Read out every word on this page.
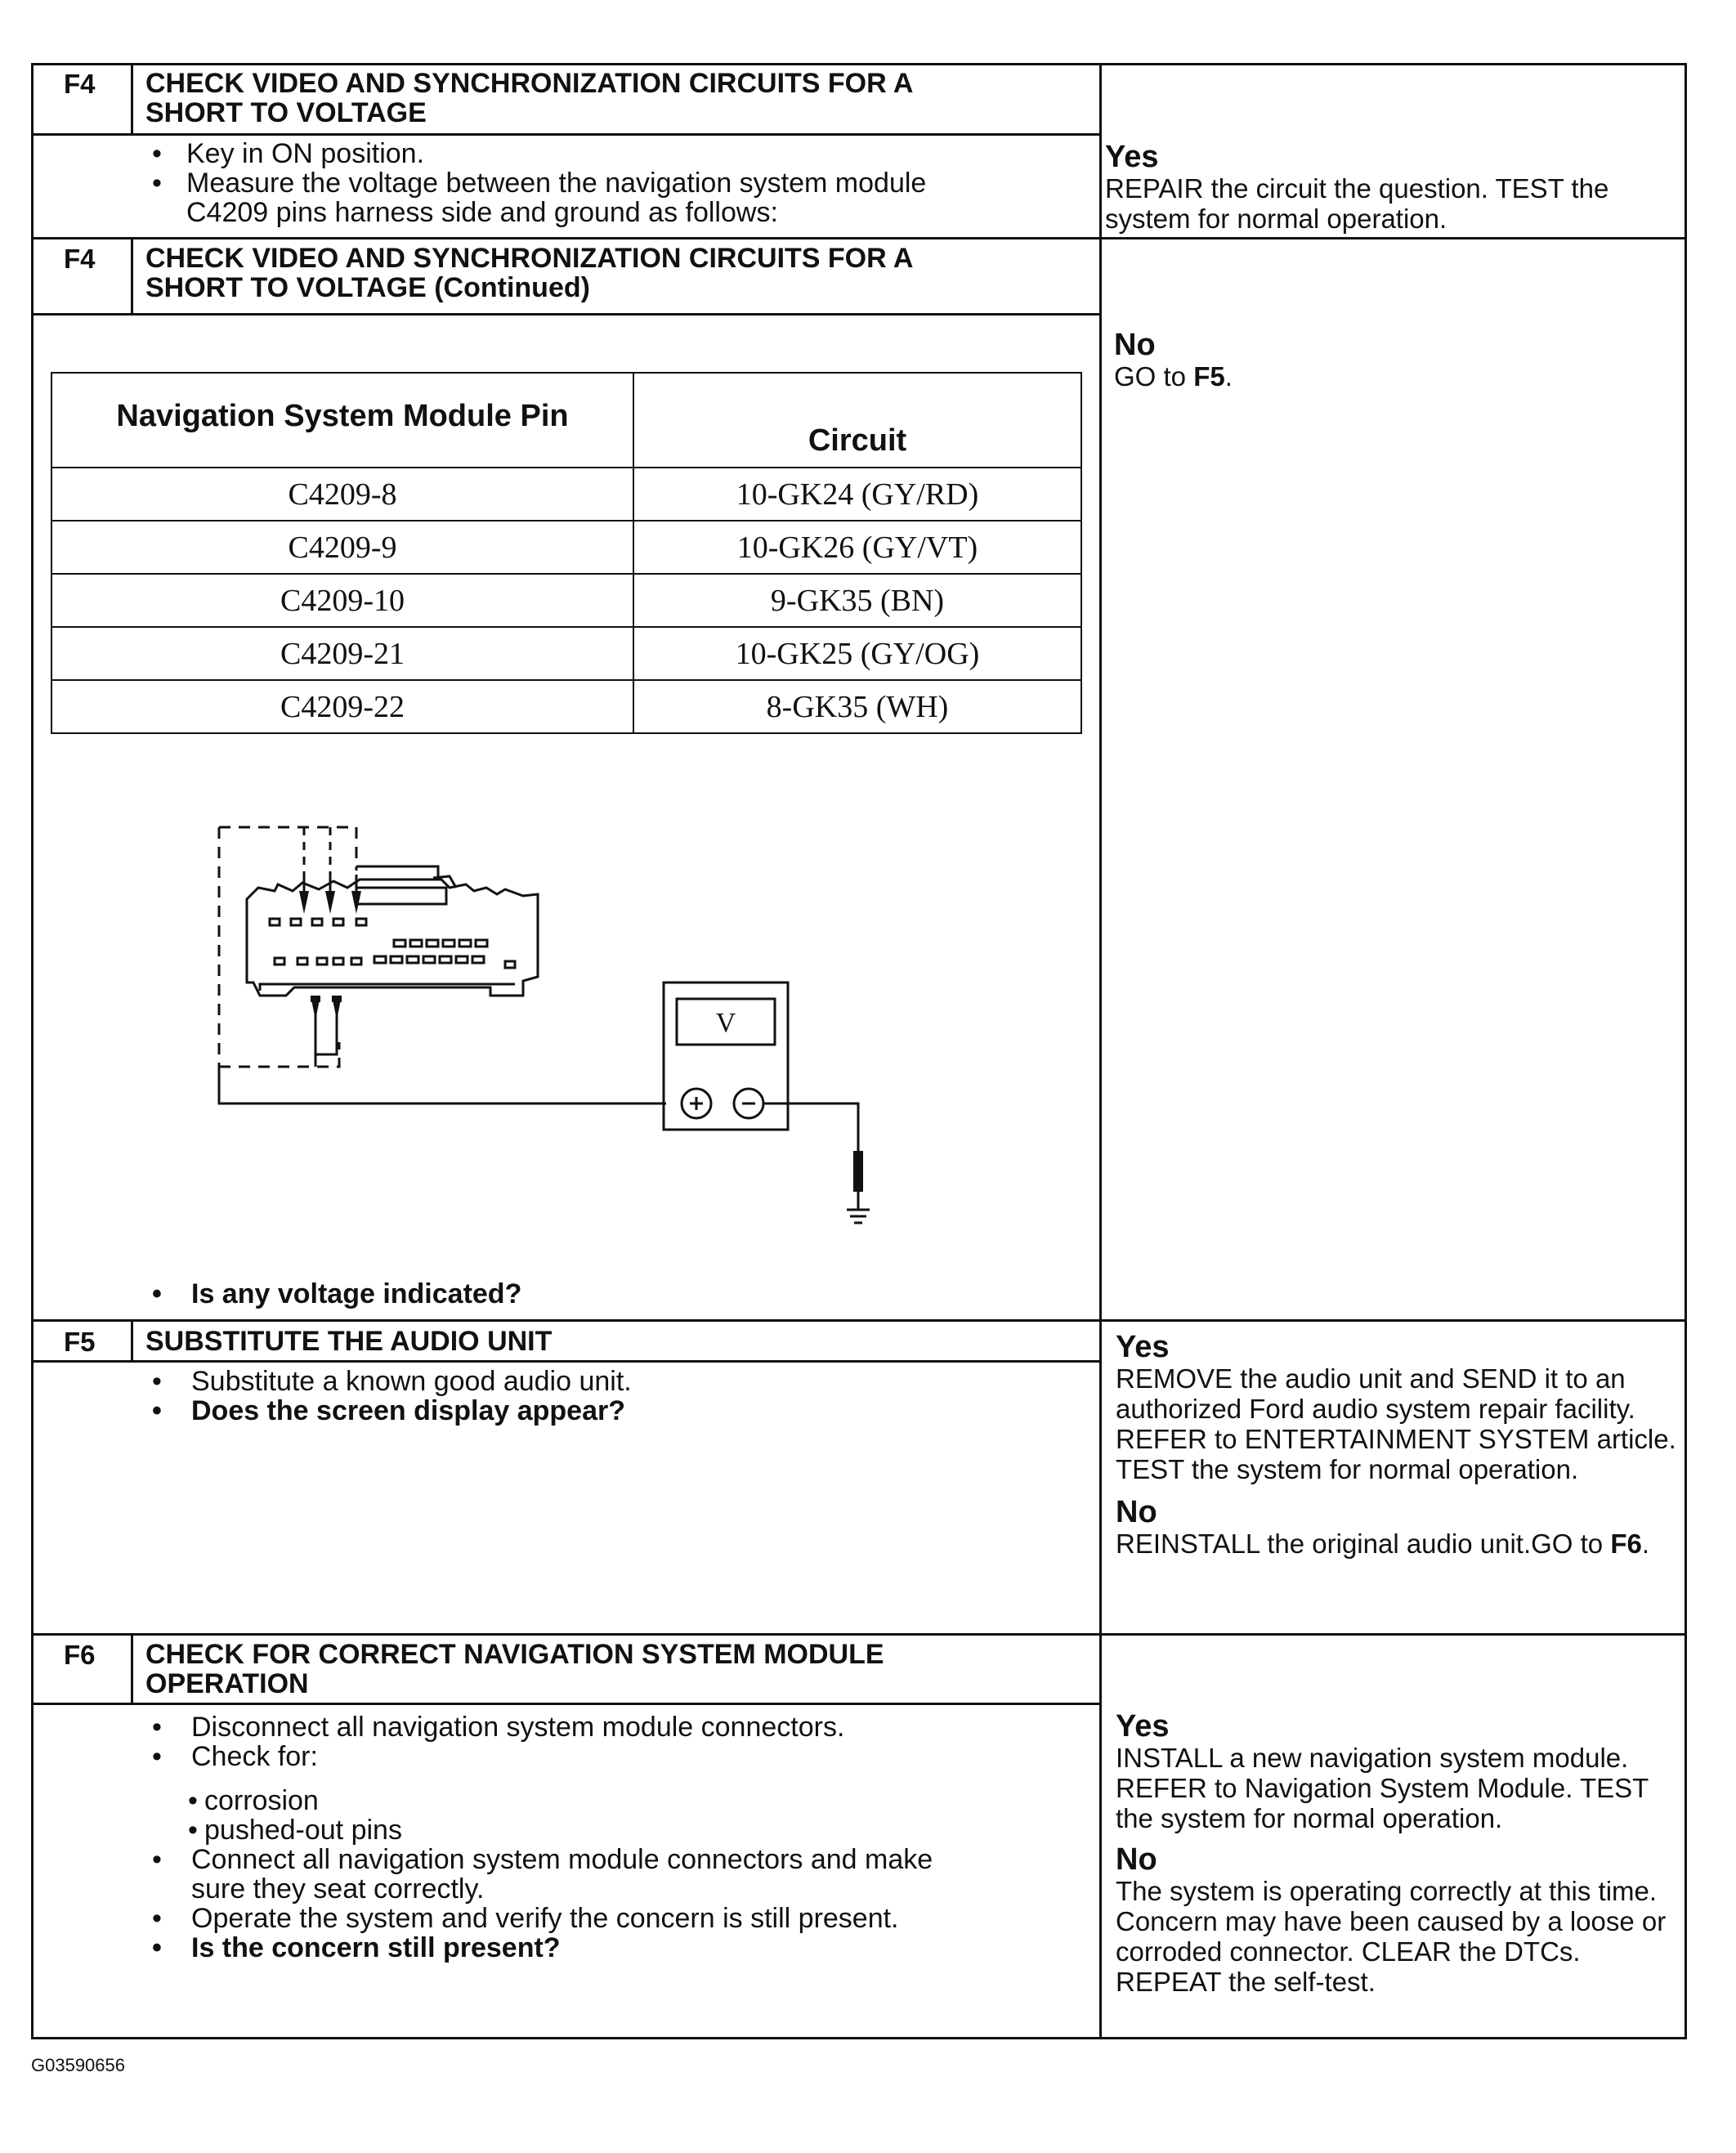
F4 CHECK VIDEO AND SYNCHRONIZATION CIRCUITS FOR A
SHORT TO VOLTAGE
• Key in ON position.
• Measure the voltage between the navigation system module
C4209 pins harness side and ground as follows:

Yes

REPAIR the circuit the question. TEST the system for normal operation.

F4 CHECK VIDEO AND SYNCHRONIZATION CIRCUITS FOR A
SHORT TO VOLTAGE (Continued)

No

GO to F5.

Navigation System Module Pin	Circuit
C4209-8	10-GK24 (GY/RD)
C4209-9	10-GK26 (GY/VT)
C4209-10	9-GK35 (BN)
C4209-21	10-GK25 (GY/OG)
C4209-22	8-GK35 (WH)
V
• Is any voltage indicated?
F5 SUBSTITUTE THE AUDIO UNIT
• Substitute a known good audio unit.
• Does the screen display appear?

Yes

REMOVE the audio unit and SEND it to an authorized Ford audio system repair facility. REFER to ENTERTAINMENT SYSTEM article. TEST the system for normal operation.

No

REINSTALL the original audio unit.GO to F6.

F6 CHECK FOR CORRECT NAVIGATION SYSTEM MODULE
OPERATION
• Disconnect all navigation system module connectors.
• Check for:
• corrosion
• pushed-out pins
• Connect all navigation system module connectors and make
sure they seat correctly.
• Operate the system and verify the concern is still present.
• Is the concern still present?

Yes

INSTALL a new navigation system module. REFER to Navigation System Module. TEST the system for normal operation.

No

The system is operating correctly at this time. Concern may have been caused by a loose or corroded connector. CLEAR the DTCs. REPEAT the self-test.

G03590656
